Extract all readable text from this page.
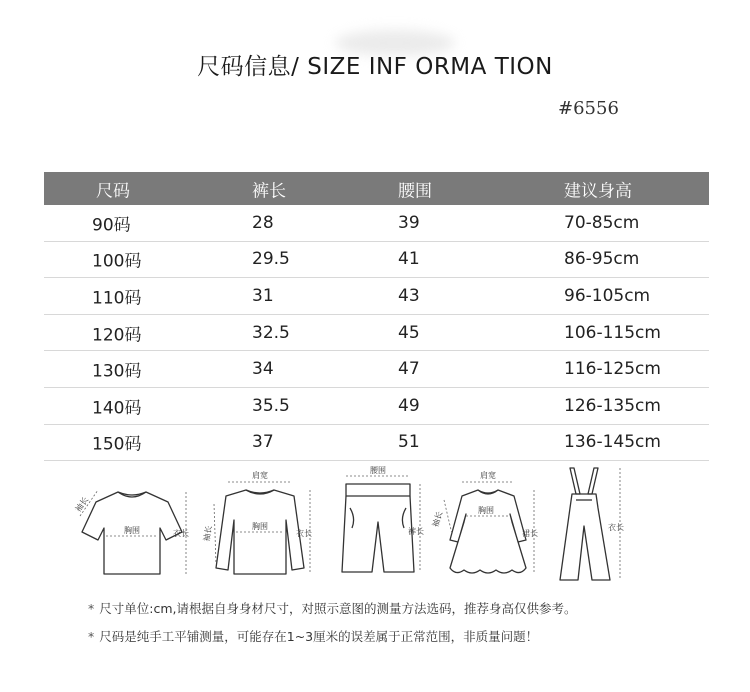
尺码信息/ SIZE INF ORMA TION
#6556
尺码	裤长	腰围	建议身高
90码	28	39	70-85cm
100码	29.5	41	86-95cm
110码	31	43	96-105cm
120码	32.5	45	106-115cm
130码	34	47	116-125cm
140码	35.5	49	126-135cm
150码	37	51	136-145cm
袖长
胸围	衣长
肩宽
袖长	胸围
衣长
腰围
裤长
肩宽
袖长	胸围
裙长
衣长
* 尺寸单位:cm,请根据自身身材尺寸，对照示意图的测量方法选码，推荐身高仅供参考。
* 尺码是纯手工平铺测量，可能存在1~3厘米的误差属于正常范围，非质量问题！
